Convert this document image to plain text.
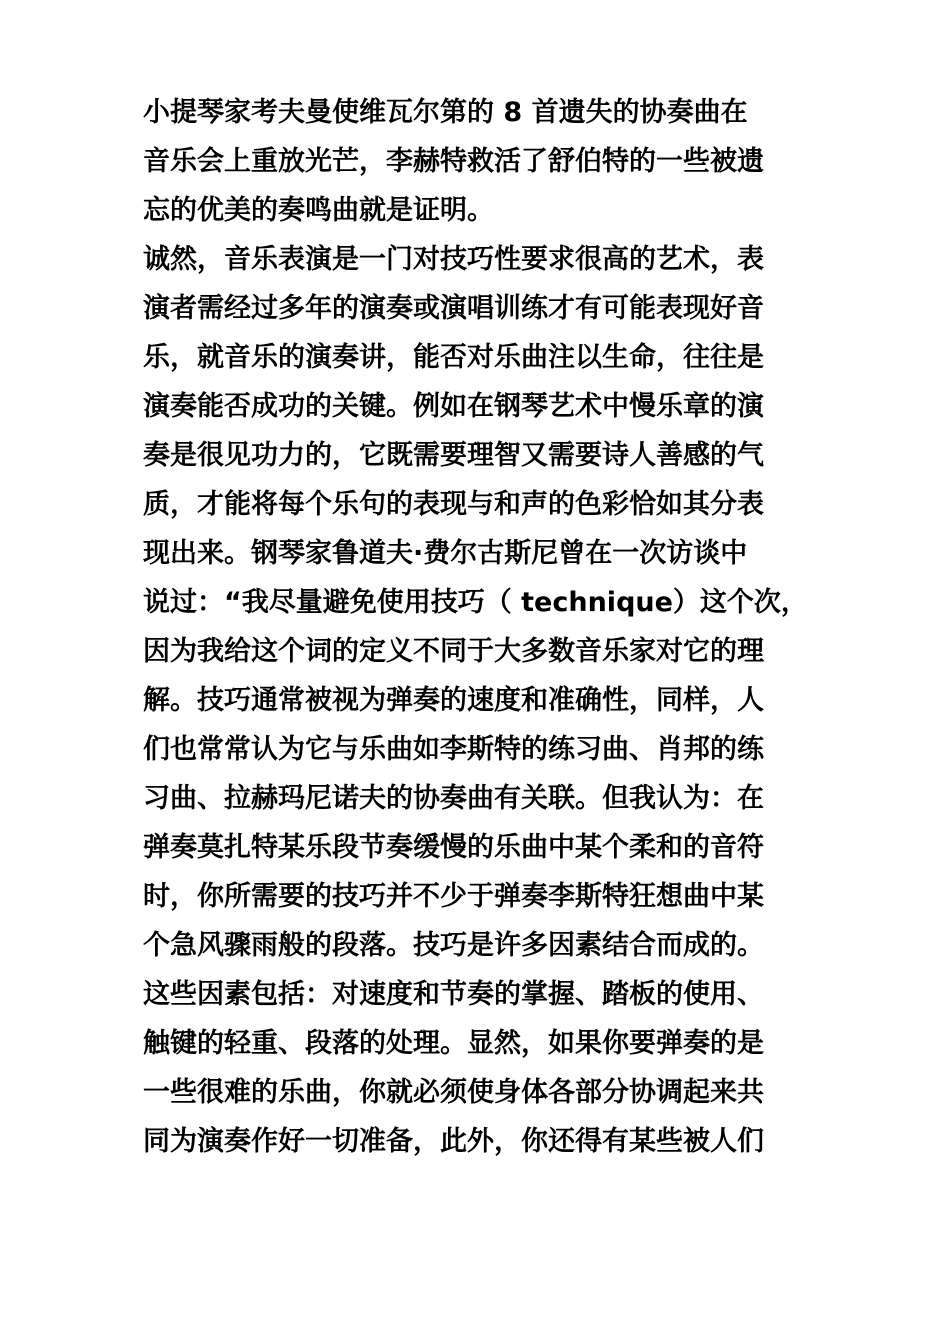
小提琴家考夫曼使维瓦尔第的 8 首遗失的协奏曲在
音乐会上重放光芒，李赫特救活了舒伯特的一些被遗
忘的优美的奏鸣曲就是证明。
诚然，音乐表演是一门对技巧性要求很高的艺术，表
演者需经过多年的演奏或演唱训练才有可能表现好音
乐，就音乐的演奏讲，能否对乐曲注以生命，往往是
演奏能否成功的关键。例如在钢琴艺术中慢乐章的演
奏是很见功力的，它既需要理智又需要诗人善感的气
质，才能将每个乐句的表现与和声的色彩恰如其分表
现出来。钢琴家鲁道夫·费尔古斯尼曾在一次访谈中
说过：“我尽量避免使用技巧（ technique）这个次，
因为我给这个词的定义不同于大多数音乐家对它的理
解。技巧通常被视为弹奏的速度和准确性，同样，人
们也常常认为它与乐曲如李斯特的练习曲、肖邦的练
习曲、拉赫玛尼诺夫的协奏曲有关联。但我认为：在
弹奏莫扎特某乐段节奏缓慢的乐曲中某个柔和的音符
时，你所需要的技巧并不少于弹奏李斯特狂想曲中某
个急风骤雨般的段落。技巧是许多因素结合而成的。
这些因素包括：对速度和节奏的掌握、踏板的使用、
触键的轻重、段落的处理。显然，如果你要弹奏的是
一些很难的乐曲，你就必须使身体各部分协调起来共
同为演奏作好一切准备，此外，你还得有某些被人们
